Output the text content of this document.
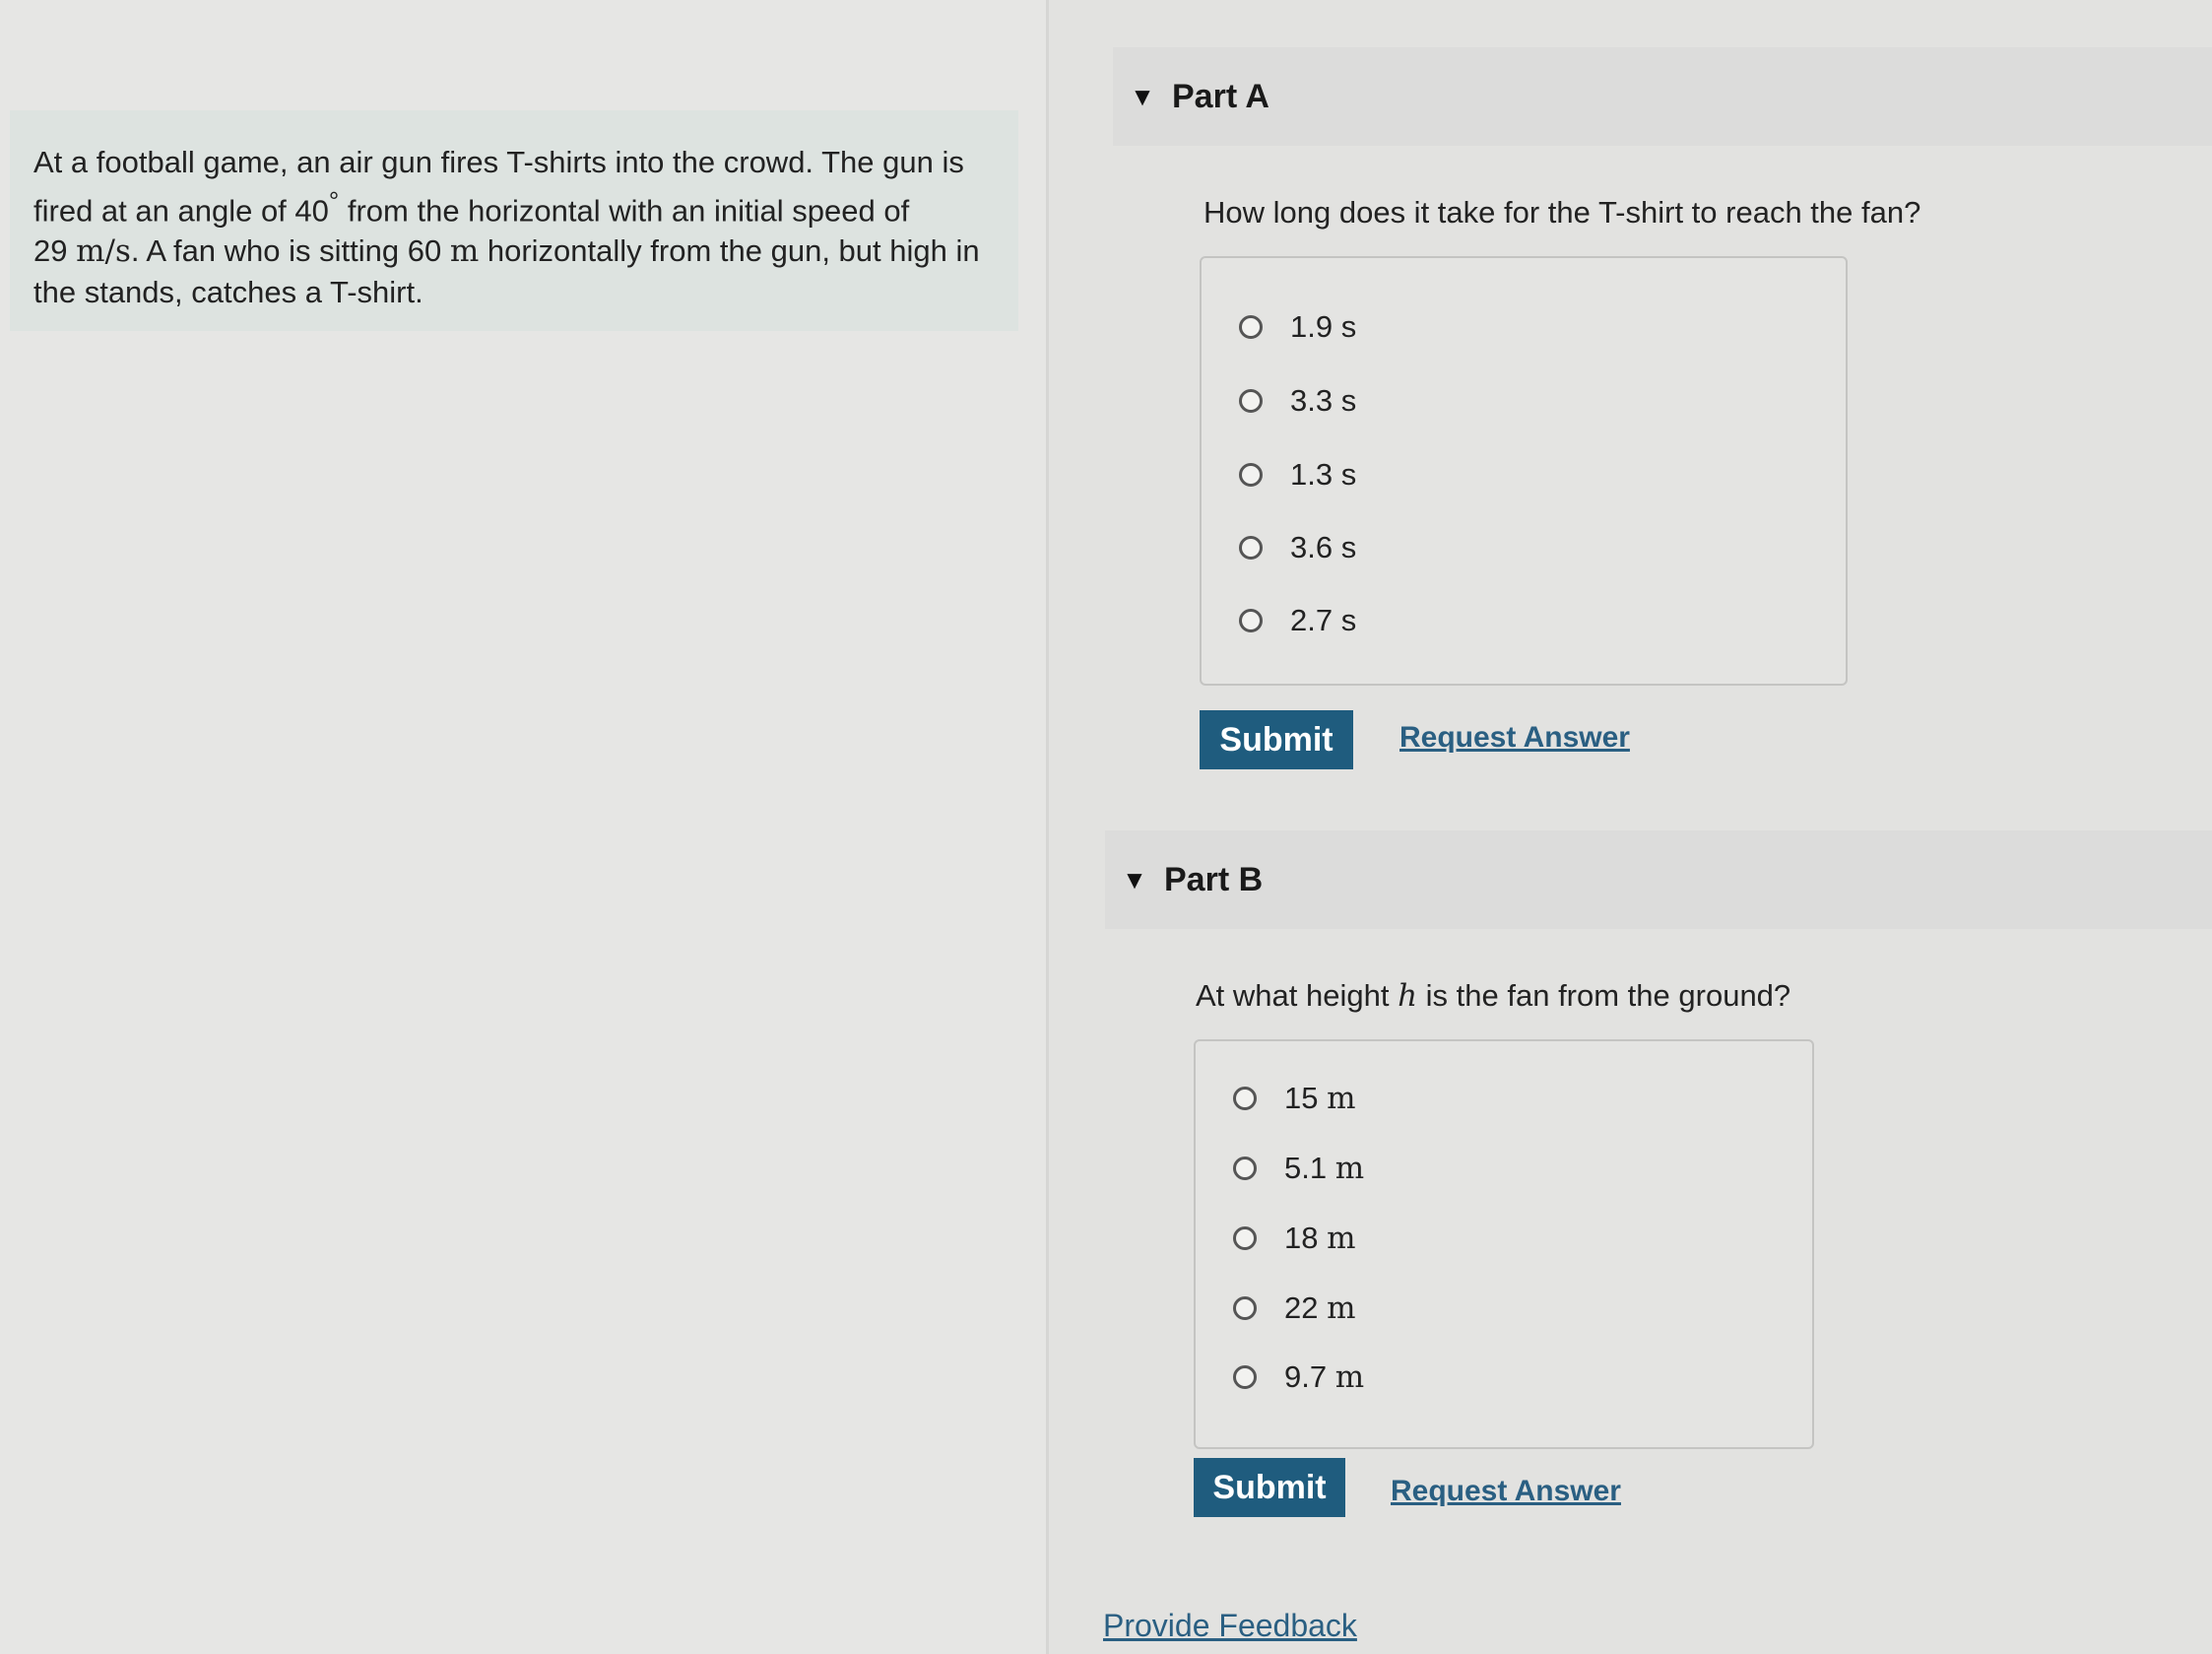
At a football game, an air gun fires T-shirts into the crowd. The gun is

fired at an angle of 40° from the horizontal with an initial speed of

29 m/s. A fan who is sitting 60 m horizontally from the gun, but high in

the stands, catches a T-shirt.

▼ Part A
How long does it take for the T-shirt to reach the fan?
1.9 s
3.3 s
1.3 s
3.6 s
2.7 s
Submit	Request Answer
▼ Part B
At what height h is the fan from the ground?
15
m
5.1
m
18
m
22
m
9.7
m
Submit	Request Answer
Provide Feedback
